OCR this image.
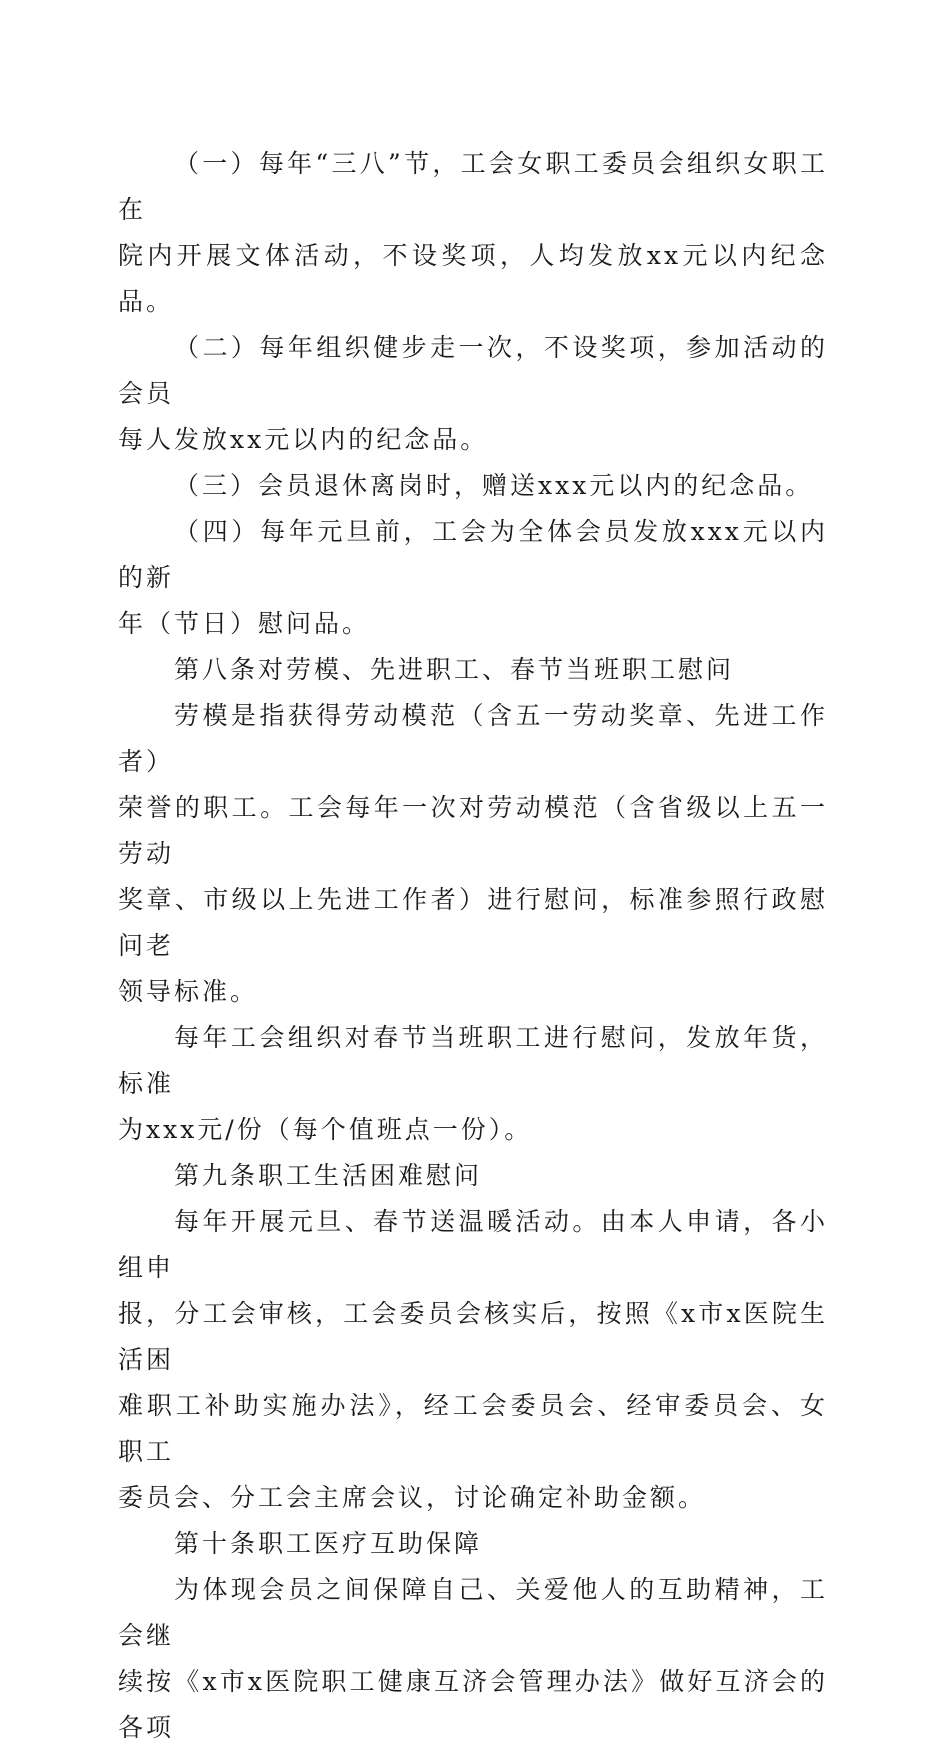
（一）每年“三八”节，工会女职工委员会组织女职工在
院内开展文体活动，不设奖项，人均发放xx元以内纪念品。

（二）每年组织健步走一次，不设奖项，参加活动的会员
每人发放xx元以内的纪念品。

（三）会员退休离岗时，赠送xxx元以内的纪念品。

（四）每年元旦前，工会为全体会员发放xxx元以内的新
年（节日）慰问品。

第八条对劳模、先进职工、春节当班职工慰问

劳模是指获得劳动模范（含五一劳动奖章、先进工作者）
荣誉的职工。工会每年一次对劳动模范（含省级以上五一劳动
奖章、市级以上先进工作者）进行慰问，标准参照行政慰问老
领导标准。

每年工会组织对春节当班职工进行慰问，发放年货，标准
为xxx元/份（每个值班点一份）。

第九条职工生活困难慰问

每年开展元旦、春节送温暖活动。由本人申请，各小组申
报，分工会审核，工会委员会核实后，按照《x市x医院生活困
难职工补助实施办法》，经工会委员会、经审委员会、女职工
委员会、分工会主席会议，讨论确定补助金额。

第十条职工医疗互助保障

为体现会员之间保障自己、关爱他人的互助精神，工会继
续按《x市x医院职工健康互济会管理办法》做好互济会的各项
